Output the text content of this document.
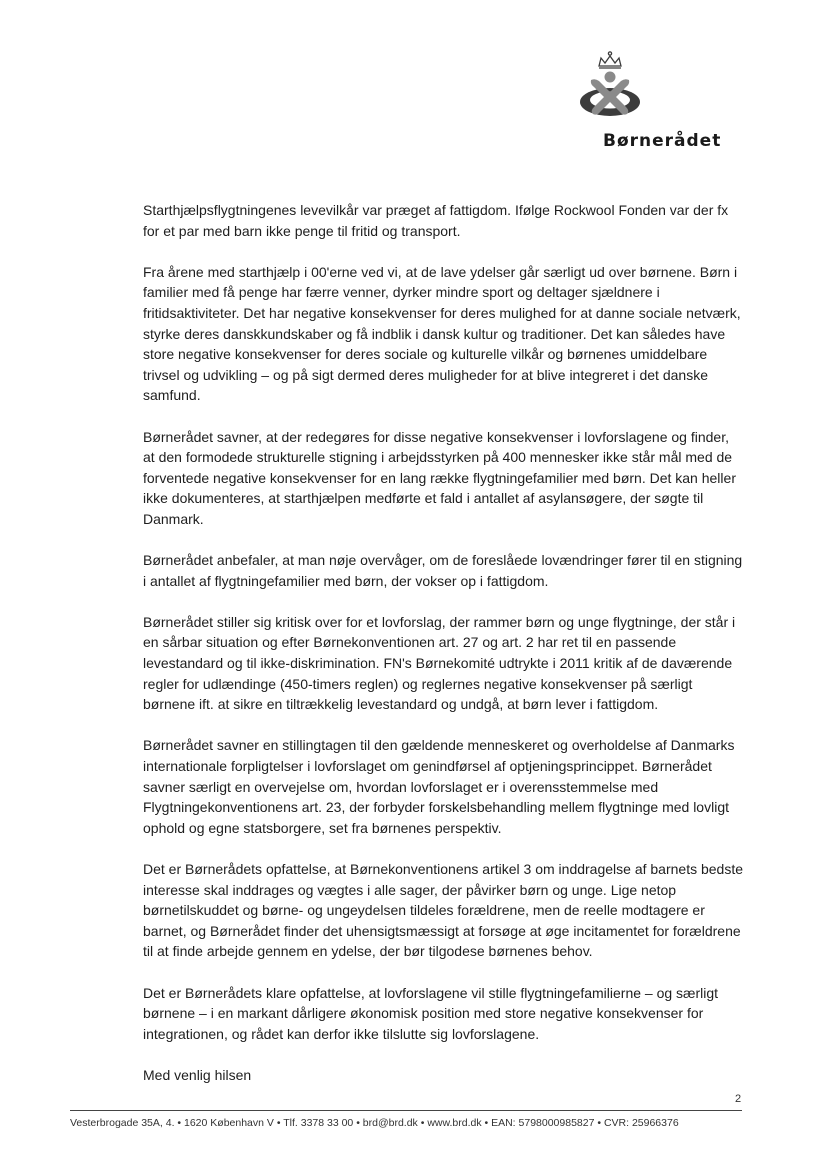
Børnerådet

Starthjælpsflygtningenes levevilkår var præget af fattigdom. Ifølge Rockwool Fonden var der fx for et par med barn ikke penge til fritid og transport.

Fra årene med starthjælp i 00'erne ved vi, at de lave ydelser går særligt ud over børnene. Børn i familier med få penge har færre venner, dyrker mindre sport og deltager sjældnere i fritidsaktiviteter. Det har negative konsekvenser for deres mulighed for at danne sociale netværk, styrke deres danskkundskaber og få indblik i dansk kultur og traditioner. Det kan således have store negative konsekvenser for deres sociale og kulturelle vilkår og børnenes umiddelbare trivsel og udvikling – og på sigt dermed deres muligheder for at blive integreret i det danske samfund.

Børnerådet savner, at der redegøres for disse negative konsekvenser i lovforslagene og finder, at den formodede strukturelle stigning i arbejdsstyrken på 400 mennesker ikke står mål med de forventede negative konsekvenser for en lang række flygtningefamilier med børn. Det kan heller ikke dokumenteres, at starthjælpen medførte et fald i antallet af asylansøgere, der søgte til Danmark.

Børnerådet anbefaler, at man nøje overvåger, om de foreslåede lovændringer fører til en stigning i antallet af flygtningefamilier med børn, der vokser op i fattigdom.

Børnerådet stiller sig kritisk over for et lovforslag, der rammer børn og unge flygtninge, der står i en sårbar situation og efter Børnekonventionen art. 27 og art. 2 har ret til en passende levestandard og til ikke-diskrimination. FN's Børnekomité udtrykte i 2011 kritik af de daværende regler for udlændinge (450-timers reglen) og reglernes negative konsekvenser på særligt børnene ift. at sikre en tiltrækkelig levestandard og undgå, at børn lever i fattigdom.

Børnerådet savner en stillingtagen til den gældende menneskeret og overholdelse af Danmarks internationale forpligtelser i lovforslaget om genindførsel af optjeningsprincippet. Børnerådet savner særligt en overvejelse om, hvordan lovforslaget er i overensstemmelse med Flygtningekonventionens art. 23, der forbyder forskelsbehandling mellem flygtninge med lovligt ophold og egne statsborgere, set fra børnenes perspektiv.

Det er Børnerådets opfattelse, at Børnekonventionens artikel 3 om inddragelse af barnets bedste interesse skal inddrages og vægtes i alle sager, der påvirker børn og unge. Lige netop børnetilskuddet og børne- og ungeydelsen tildeles forældrene, men de reelle modtagere er barnet, og Børnerådet finder det uhensigtsmæssigt at forsøge at øge incitamentet for forældrene til at finde arbejde gennem en ydelse, der bør tilgodese børnenes behov.

Det er Børnerådets klare opfattelse, at lovforslagene vil stille flygtningefamilierne – og særligt børnene – i en markant dårligere økonomisk position med store negative konsekvenser for integrationen, og rådet kan derfor ikke tilslutte sig lovforslagene.

Med venlig hilsen

2
Vesterbrogade 35A, 4. • 1620 København V • Tlf. 3378 33 00 • brd@brd.dk • www.brd.dk • EAN: 5798000985827 • CVR: 25966376
